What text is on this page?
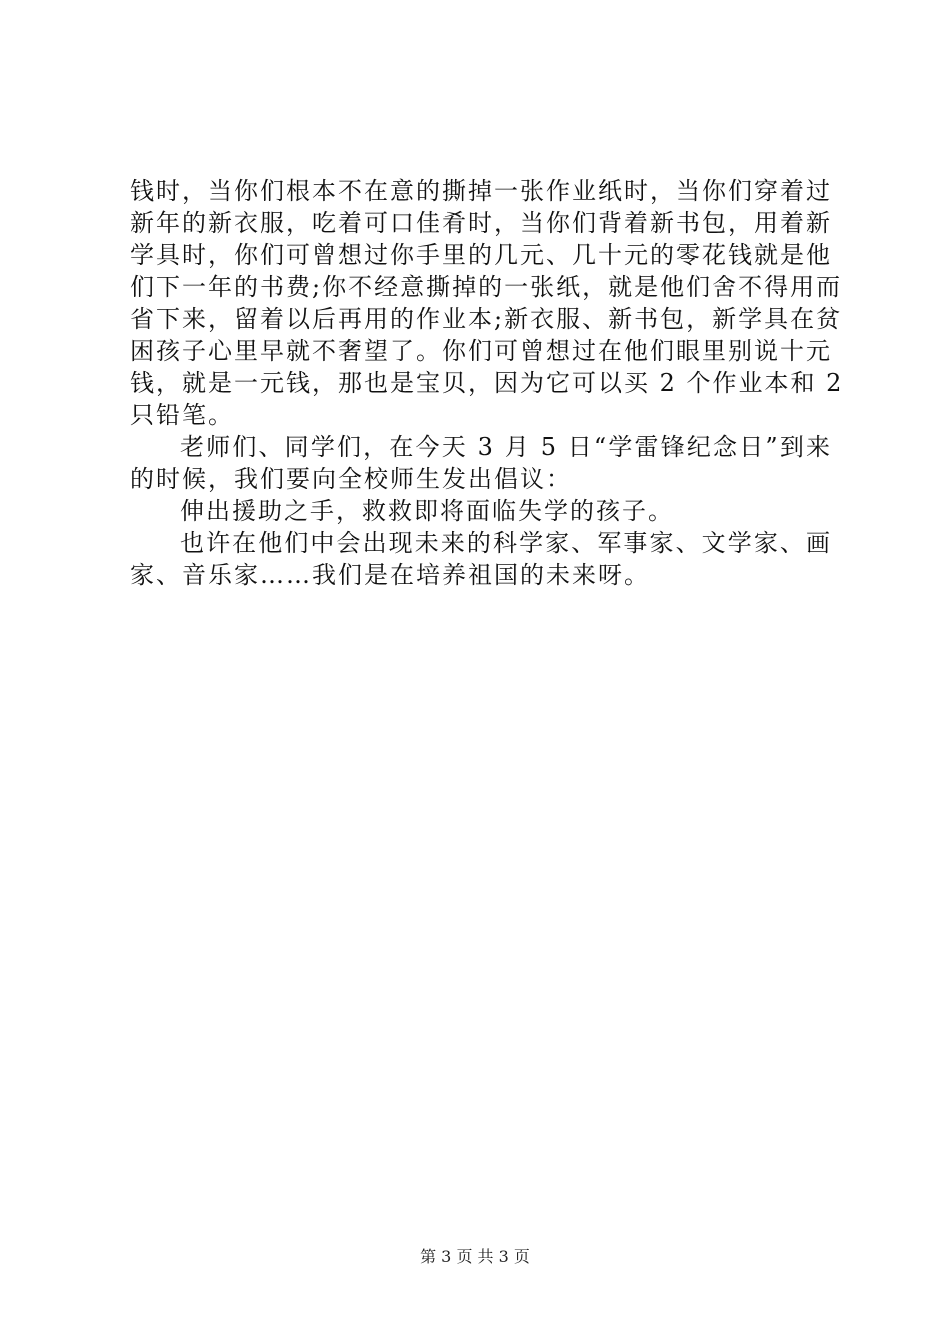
钱时，当你们根本不在意的撕掉一张作业纸时，当你们穿着过
新年的新衣服，吃着可口佳肴时，当你们背着新书包，用着新
学具时，你们可曾想过你手里的几元、几十元的零花钱就是他
们下一年的书费;你不经意撕掉的一张纸，就是他们舍不得用而
省下来，留着以后再用的作业本;新衣服、新书包，新学具在贫
困孩子心里早就不奢望了。你们可曾想过在他们眼里别说十元
钱，就是一元钱，那也是宝贝，因为它可以买 2 个作业本和 2
只铅笔。
老师们、同学们，在今天 3 月 5 日“学雷锋纪念日”到来
的时候，我们要向全校师生发出倡议：
伸出援助之手，救救即将面临失学的孩子。
也许在他们中会出现未来的科学家、军事家、文学家、画
家、音乐家……我们是在培养祖国的未来呀。
第 3 页 共 3 页
